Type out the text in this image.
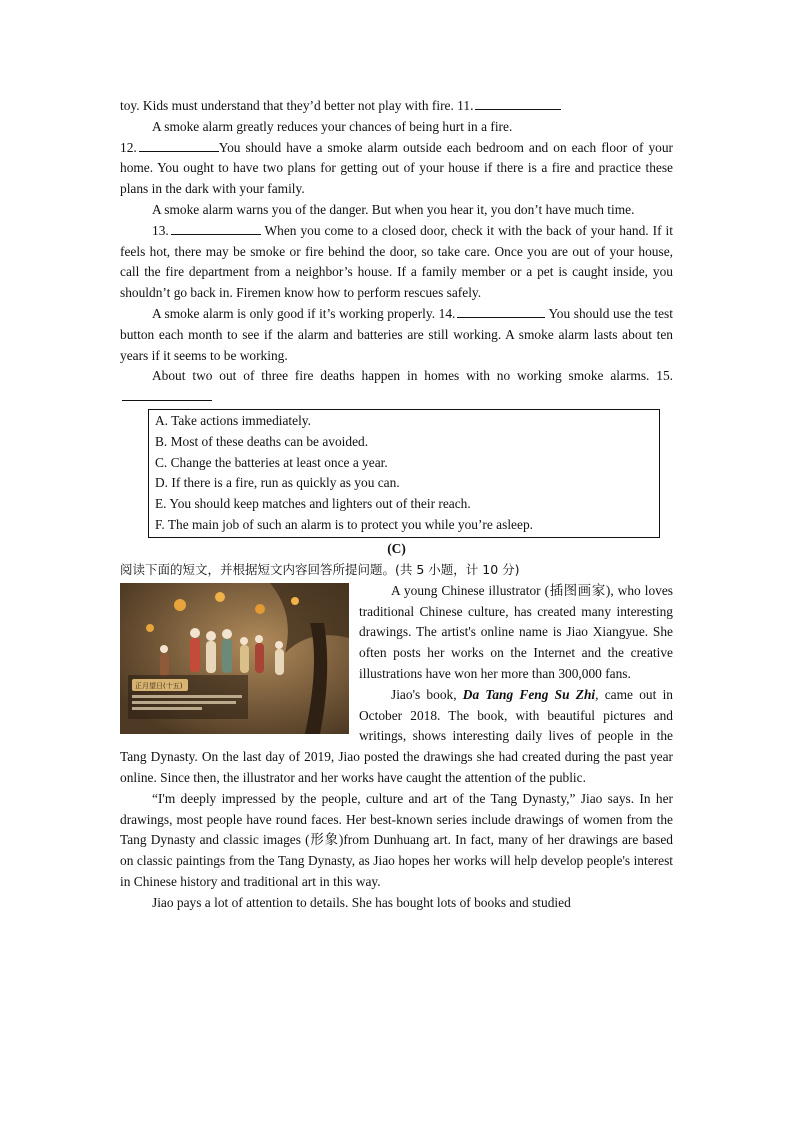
toy. Kids must understand that they’d better not play with fire. 11.

A smoke alarm greatly reduces your chances of being hurt in a fire.

12.	You should have a smoke alarm outside each bedroom and on each floor of your home. You ought to have two plans for getting out of your house if there is a fire and practice these plans in the dark with your family.

A smoke alarm warns you of the danger. But when you hear it, you don’t have much time.

13.	When you come to a closed door, check it with the back of your hand. If it feels hot, there may be smoke or fire behind the door, so take care. Once you are out of your house, call the fire department from a neighbor’s house. If a family member or a pet is caught inside, you shouldn’t go back in. Firemen know how to perform rescues safely.

A smoke alarm is only good if it’s working properly. 14.	You should use the test button each month to see if the alarm and batteries are still working. A smoke alarm lasts about ten years if it seems to be working.

About two out of three fire deaths happen in homes with no working smoke alarms. 15.

A. Take actions immediately.
B. Most of these deaths can be avoided.
C. Change the batteries at least once a year.
D. If there is a fire, run as quickly as you can.
E. You should keep matches and lighters out of their reach.
F. The main job of such an alarm is to protect you while you’re asleep.
(C)
阅读下面的短文，并根据短文内容回答所提问题。(共 5 小题，计 10 分)
正月望日(十五)

A young Chinese illustrator (插图画家), who loves traditional Chinese culture, has created many interesting drawings. The artist's online name is Jiao Xiangyue. She often posts her works on the Internet and the creative illustrations have won her more than 300,000 fans.

Jiao's book, Da Tang Feng Su Zhi, came out in October 2018. The book, with beautiful pictures and writings, shows interesting daily lives of people in the Tang Dynasty. On the last day of 2019, Jiao posted the drawings she had created during the past year online. Since then, the illustrator and her works have caught the attention of the public.

“I'm deeply impressed by the people, culture and art of the Tang Dynasty,” Jiao says. In her drawings, most people have round faces. Her best-known series include drawings of women from the Tang Dynasty and classic images (形象)from Dunhuang art. In fact, many of her drawings are based on classic paintings from the Tang Dynasty, as Jiao hopes her works will help develop people's interest in Chinese history and traditional art in this way.

Jiao pays a lot of attention to details. She has bought lots of books and studied
